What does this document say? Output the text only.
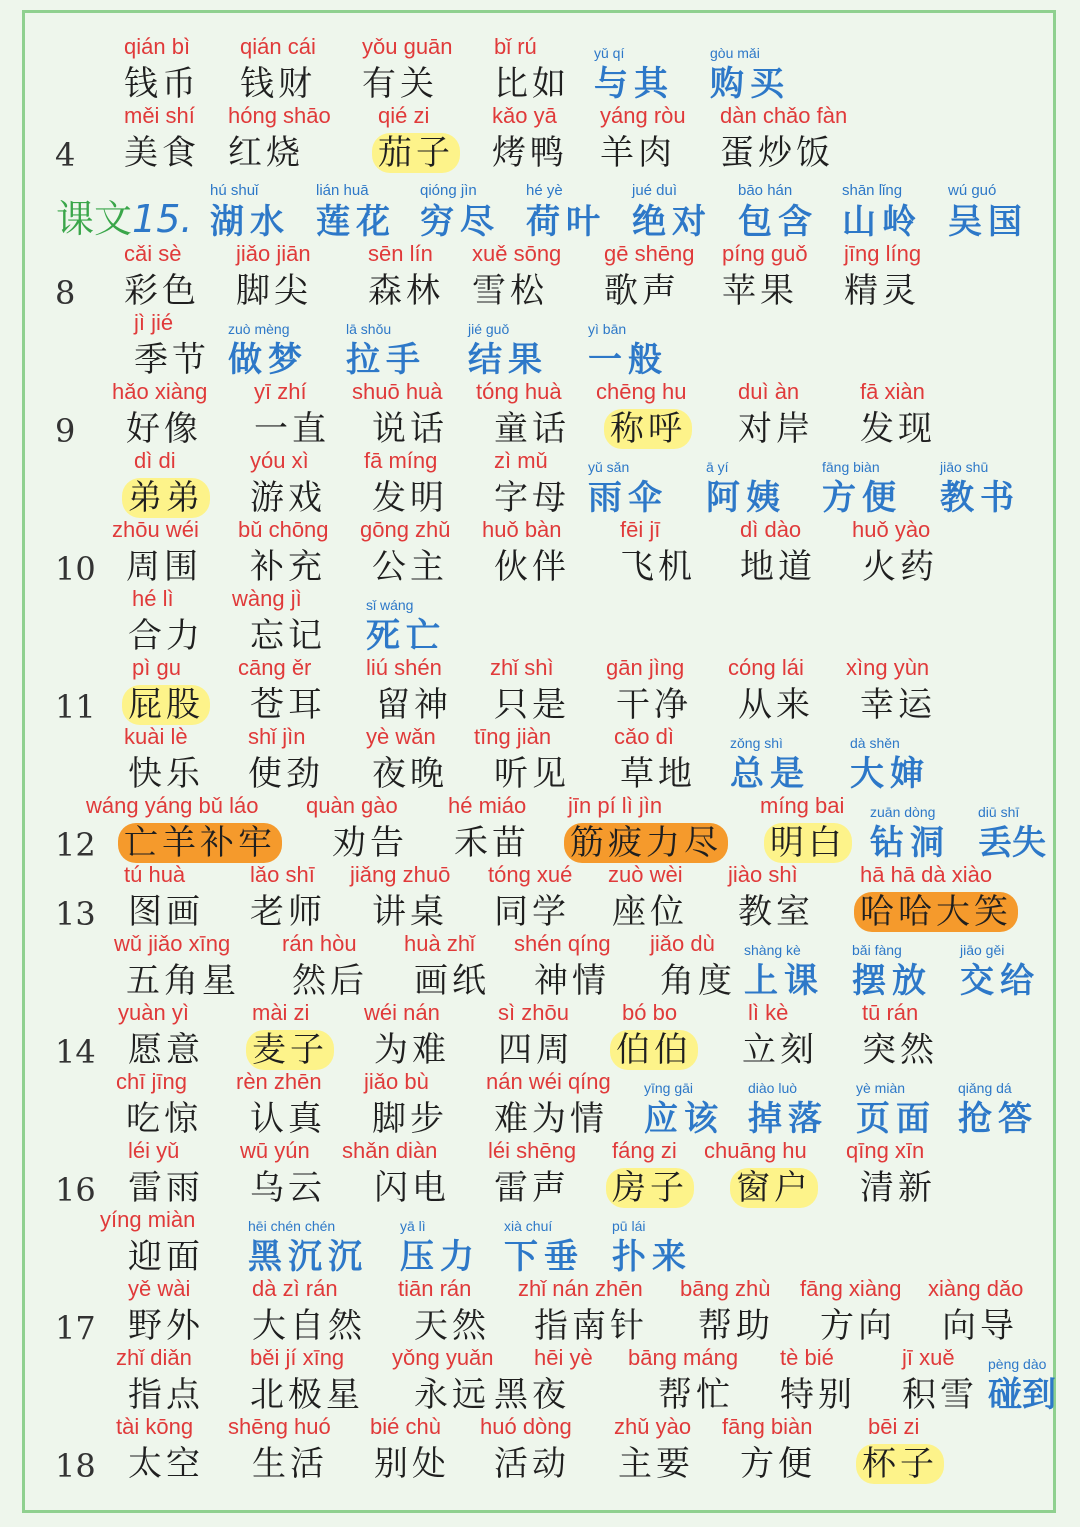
qián bì
钱币
qián cái
钱财
yǒu guān
有关
bǐ rú
比如
yǔ qí
与其
gòu mǎi
购买
4
měi shí
美食
hóng shāo
红烧
qié zi
茄子
kǎo yā
烤鸭
yáng ròu
羊肉
dàn chǎo fàn
蛋炒饭
课文15.
hú shuǐ
湖水
lián huā
莲花
qióng jìn
穷尽
hé yè
荷叶
jué duì
绝对
bāo hán
包含
shān lǐng
山岭
wú guó
吴国
8
cǎi sè
彩色
jiǎo jiān
脚尖
sēn lín
森林
xuě sōng
雪松
gē shēng
歌声
píng guǒ
苹果
jīng líng
精灵
jì jié
季节
zuò mèng
做梦
lā shǒu
拉手
jié guǒ
结果
yì bān
一般
9
hǎo xiàng
好像
yī zhí
一直
shuō huà
说话
tóng huà
童话
chēng hu
称呼
duì àn
对岸
fā xiàn
发现
dì di
弟弟
yóu xì
游戏
fā míng
发明
zì mǔ
字母
yǔ sǎn
雨伞
ā yí
阿姨
fāng biàn
方便
jiāo shū
教书
10
zhōu wéi
周围
bǔ chōng
补充
gōng zhǔ
公主
huǒ bàn
伙伴
fēi jī
飞机
dì dào
地道
huǒ yào
火药
hé lì
合力
wàng jì
忘记
sǐ wáng
死亡
11
pì gu
屁股
cāng ěr
苍耳
liú shén
留神
zhǐ shì
只是
gān jìng
干净
cóng lái
从来
xìng yùn
幸运
kuài lè
快乐
shǐ jìn
使劲
yè wǎn
夜晚
tīng jiàn
听见
cǎo dì
草地
zǒng shì
总是
dà shěn
大婶
12
wáng yáng bǔ láo
亡羊补牢
quàn gào
劝告
hé miáo
禾苗
jīn pí lì jìn
筋疲力尽
míng bai
明白
zuān dòng
钻洞
diū shī
丢失
13
tú huà
图画
lǎo shī
老师
jiǎng zhuō
讲桌
tóng xué
同学
zuò wèi
座位
jiào shì
教室
hā hā dà xiào
哈哈大笑
wǔ jiǎo xīng
五角星
rán hòu
然后
huà zhǐ
画纸
shén qíng
神情
jiǎo dù
角度
shàng kè
上课
bǎi fàng
摆放
jiāo gěi
交给
14
yuàn yì
愿意
mài zi
麦子
wéi nán
为难
sì zhōu
四周
bó bo
伯伯
lì kè
立刻
tū rán
突然
chī jīng
吃惊
rèn zhēn
认真
jiǎo bù
脚步
nán wéi qíng
难为情
yīng gāi
应该
diào luò
掉落
yè miàn
页面
qiǎng dá
抢答
16
léi yǔ
雷雨
wū yún
乌云
shǎn diàn
闪电
léi shēng
雷声
fáng zi
房子
chuāng hu
窗户
qīng xīn
清新
yíng miàn
迎面
hēi chén chén
黑沉沉
yā lì
压力
xià chuí
下垂
pū lái
扑来
17
yě wài
野外
dà zì rán
大自然
tiān rán
天然
zhǐ nán zhēn
指南针
bāng zhù
帮助
fāng xiàng
方向
xiàng dǎo
向导
zhǐ diǎn
指点
běi jí xīng
北极星
yǒng yuǎn
永远
hēi yè
黑夜
bāng máng
帮忙
tè bié
特别
jī xuě
积雪
pèng dào
碰到
18
tài kōng
太空
shēng huó
生活
bié chù
别处
huó dòng
活动
zhǔ yào
主要
fāng biàn
方便
bēi zi
杯子
